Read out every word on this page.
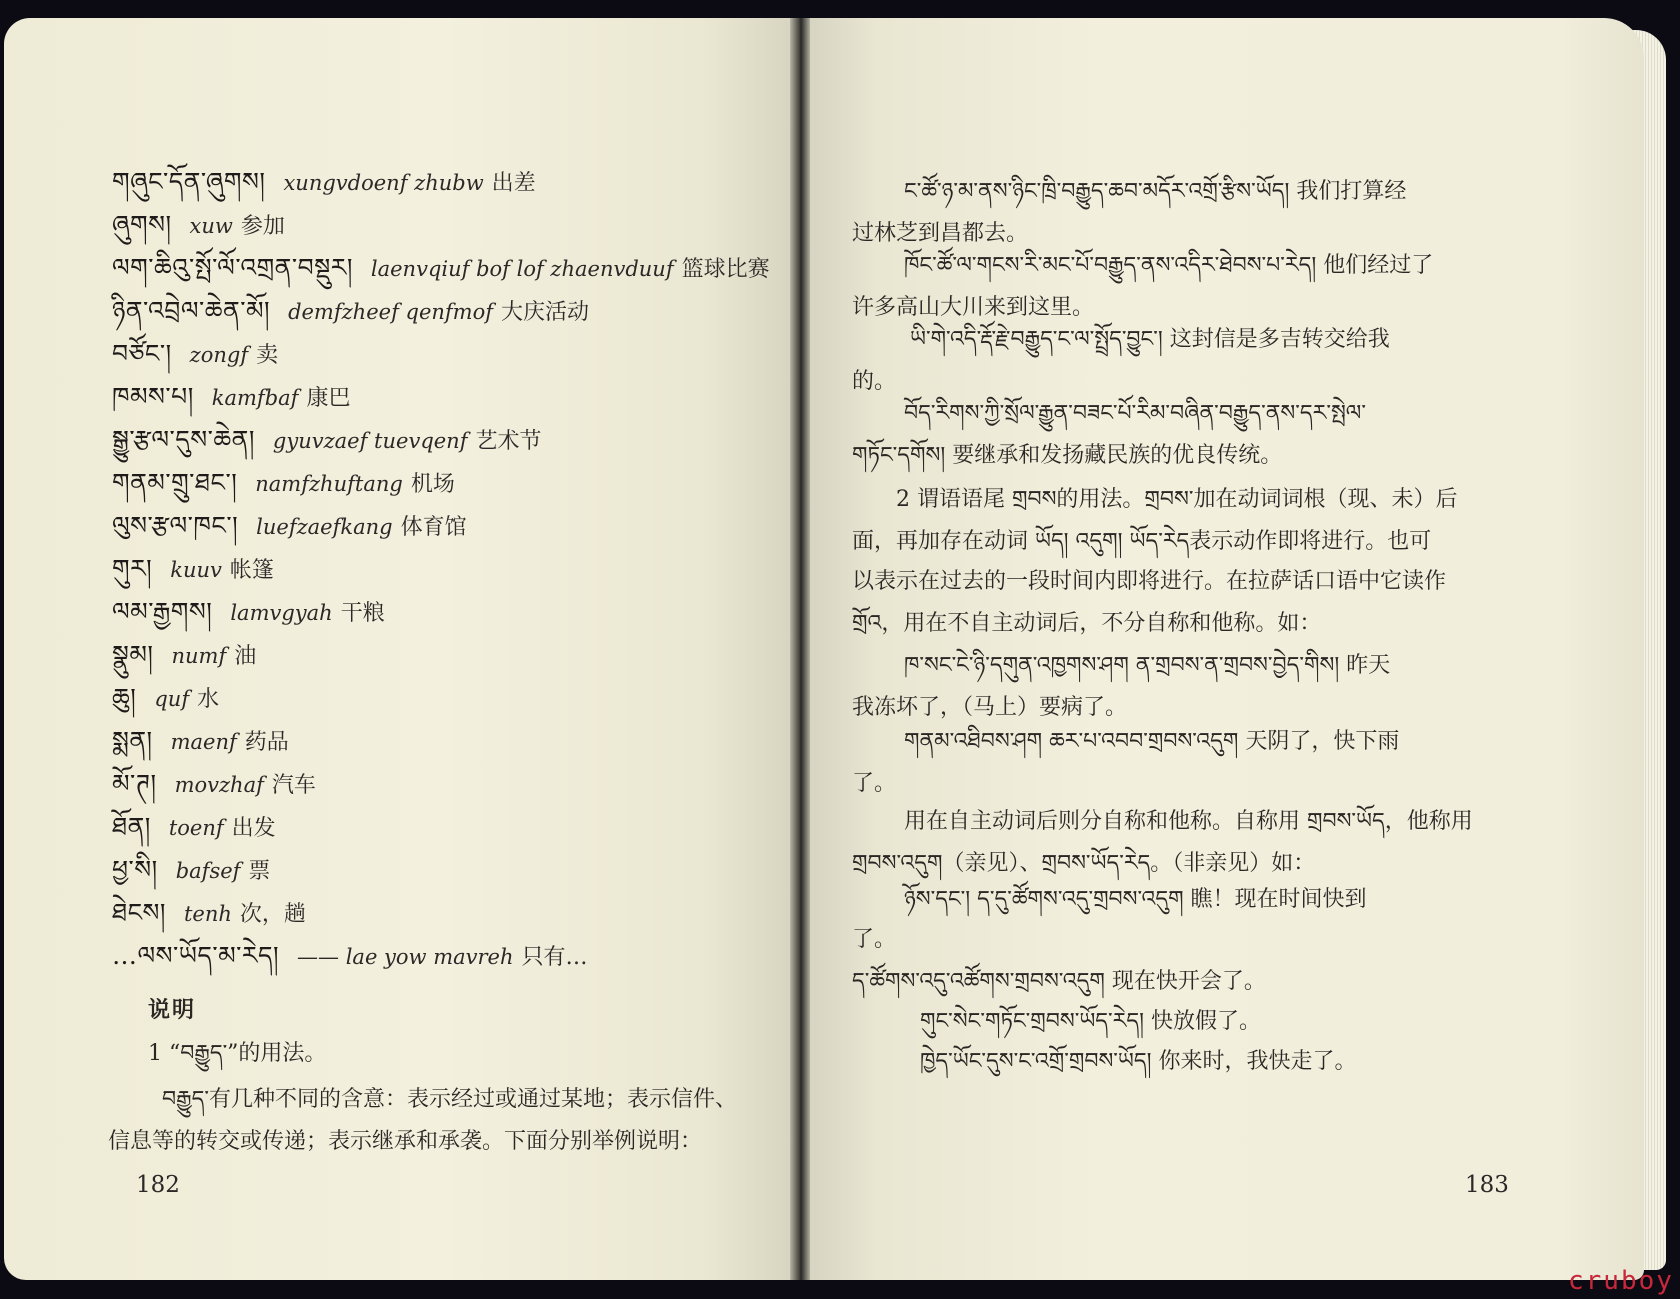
གཞུང་དོན་ཞུགས། xungvdoenf zhubw 出差
ཞུགས། xuw 参加
ལག་ཆིའུ་སྤོ་ལོ་འགྲན་བསྡུར། laenvqiuf bof lof zhaenvduuf 篮球比赛
ཉིན་འབྲེལ་ཆེན་མོ། demfzheef qenfmof 大庆活动
བཙོང་། zongf 卖
ཁམས་པ། kamfbaf 康巴
སྒྱུ་རྩལ་དུས་ཆེན། gyuvzaef tuevqenf 艺术节
གནམ་གྲུ་ཐང་། namfzhuftang 机场
ལུས་རྩལ་ཁང་། luefzaefkang 体育馆
གུར། kuuv 帐篷
ལམ་རྒྱགས། lamvgyah 干粮
སྣུམ། numf 油
ཆུ། quf 水
སྨན། maenf 药品
མོ་ཊ། movzhaf 汽车
ཐོན། toenf 出发
ཕྱ་སི། bafsef 票
ཐེངས། tenh 次，趟
…ལས་ཡོད་མ་རེད། —— lae yow mavreh 只有…
说明
1 “བརྒྱུད་”的用法。
བརྒྱུད་有几种不同的含意：表示经过或通过某地；表示信件、
信息等的转交或传递；表示继承和承袭。下面分别举例说明：
182
ང་ཚོ་ཉ་མ་ནས་ཉིང་ཁྲི་བརྒྱུད་ཆབ་མདོར་འགྲོ་རྩིས་ཡོད། 我们打算经
过林芝到昌都去。
ཁོང་ཚོ་ལ་གངས་རི་མང་པོ་བརྒྱུད་ནས་འདིར་ཐེབས་པ་རེད། 他们经过了
许多高山大川来到这里。
ཡི་གེ་འདི་རྡོ་རྗེ་བརྒྱུད་ང་ལ་སྤྲོད་བྱུང་། 这封信是多吉转交给我
的。
བོད་རིགས་ཀྱི་སྲོལ་རྒྱུན་བཟང་པོ་རིམ་བཞིན་བརྒྱུད་ནས་དར་སྤེལ་
གཏོང་དགོས། 要继承和发扬藏民族的优良传统。
2 谓语语尾 གྲབས的用法。གྲབས་加在动词词根（现、未）后
面，再加存在动词 ཡོད། འདུག། ཡོད་རེད表示动作即将进行。也可
以表示在过去的一段时间内即将进行。在拉萨话口语中它读作
གྲོའ，用在不自主动词后，不分自称和他称。如：
ཁ་སང་ངེ་ཉི་དགུན་འཁྱགས་ཤག ན་གྲབས་ན་གྲབས་བྱེད་གིས། 昨天
我冻坏了，（马上）要病了。
གནམ་འཐིབས་ཤག ཆར་པ་འབབ་གྲབས་འདུག 天阴了，快下雨
了。
用在自主动词后则分自称和他称。自称用 གྲབས་ཡོད，他称用
གྲབས་འདུག（亲见）、གྲབས་ཡོད་རེད。（非亲见）如：
ཉོས་དང་། ད་དུ་ཚོགས་འདུ་གྲབས་འདུག 瞧！现在时间快到
了。
ད་ཚོགས་འདུ་འཚོགས་གྲབས་འདུག 现在快开会了。
གུང་སེང་གཏོང་གྲབས་ཡོད་རེད། 快放假了。
ཁྱེད་ཡོང་དུས་ང་འགྲོ་གྲབས་ཡོད། 你来时，我快走了。
183
cruboy
